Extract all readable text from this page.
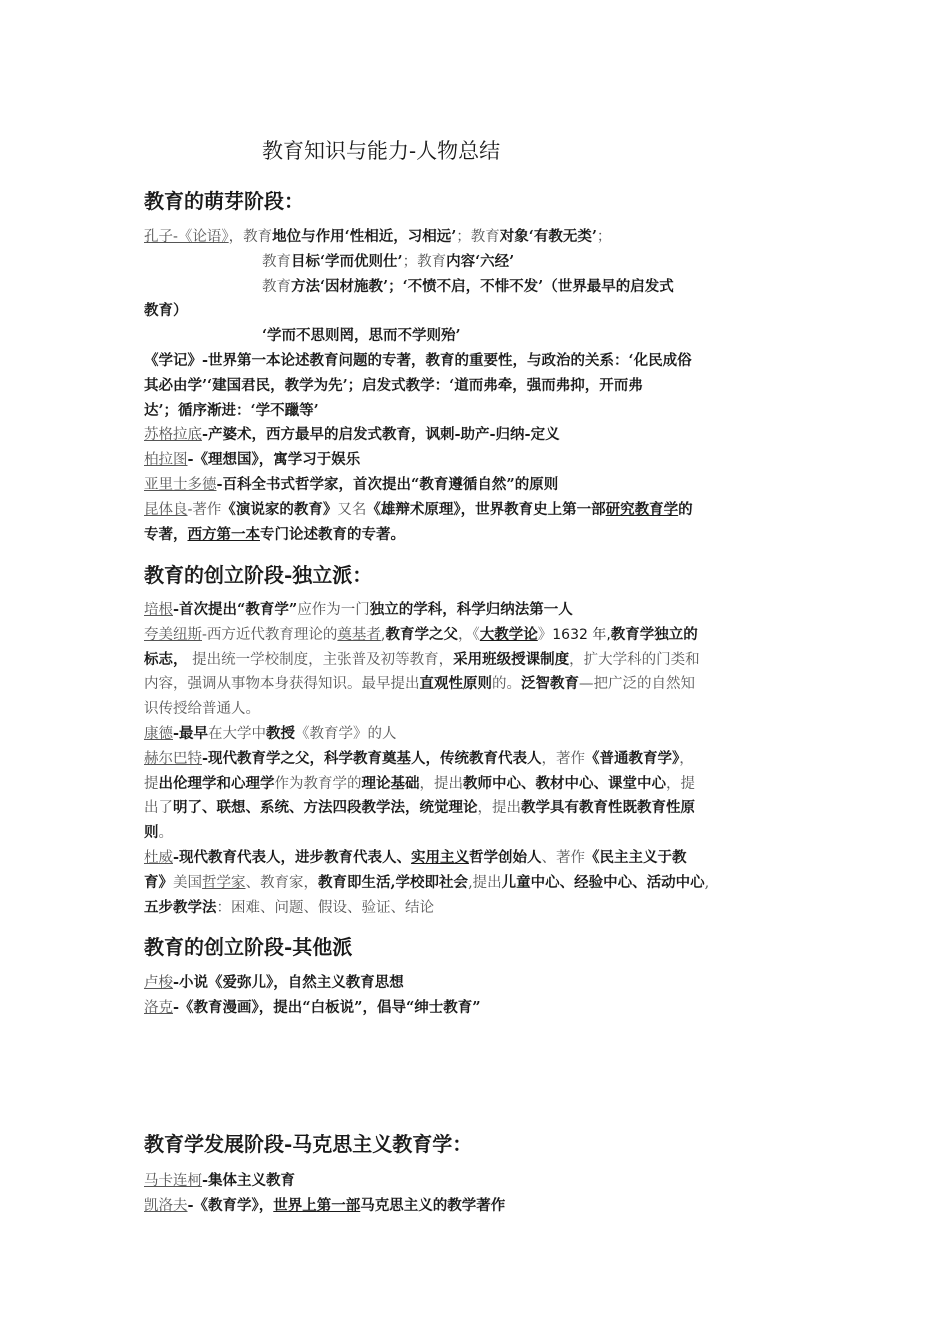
教育知识与能力-人物总结
教育的萌芽阶段：
孔子-《论语》，教育地位与作用‘性相近，习相远’；教育对象‘有教无类’；
教育目标‘学而优则仕’；教育内容‘六经’
教育方法‘因材施教’；‘不愤不启，不悱不发’（世界最早的启发式
教育）
‘学而不思则罔，思而不学则殆’
《学记》-世界第一本论述教育问题的专著，教育的重要性，与政治的关系：‘化民成俗
其必由学’‘建国君民，教学为先’；启发式教学：‘道而弗牵，强而弗抑，开而弗
达’；循序渐进：‘学不躐等’
苏格拉底-产婆术，西方最早的启发式教育，讽刺-助产-归纳-定义
柏拉图-《理想国》，寓学习于娱乐
亚里士多德-百科全书式哲学家，首次提出“教育遵循自然”的原则
昆体良-著作《演说家的教育》又名《雄辩术原理》，世界教育史上第一部研究教育学的
专著，西方第一本专门论述教育的专著。
教育的创立阶段-独立派：
培根-首次提出“教育学”应作为一门独立的学科，科学归纳法第一人
夸美纽斯-西方近代教育理论的奠基者,教育学之父，《大教学论》1632 年,教育学独立的
标志， 提出统一学校制度，主张普及初等教育，采用班级授课制度，扩大学科的门类和
内容，强调从事物本身获得知识。最早提出直观性原则的。泛智教育—把广泛的自然知
识传授给普通人。
康德-最早在大学中教授《教育学》的人
赫尔巴特-现代教育学之父，科学教育奠基人，传统教育代表人，著作《普通教育学》，
提出伦理学和心理学作为教育学的理论基础，提出教师中心、教材中心、课堂中心，提
出了明了、联想、系统、方法四段教学法，统觉理论，提出教学具有教育性既教育性原
则。
杜威-现代教育代表人，进步教育代表人、实用主义哲学创始人、著作《民主主义于教
育》美国哲学家、教育家，教育即生活,学校即社会,提出儿童中心、经验中心、活动中心,
五步教学法：困难、问题、假设、验证、结论
教育的创立阶段-其他派
卢梭-小说《爱弥儿》，自然主义教育思想
洛克-《教育漫画》，提出“白板说”，倡导“绅士教育”
教育学发展阶段-马克思主义教育学：
马卡连柯-集体主义教育
凯洛夫-《教育学》，世界上第一部马克思主义的教学著作
